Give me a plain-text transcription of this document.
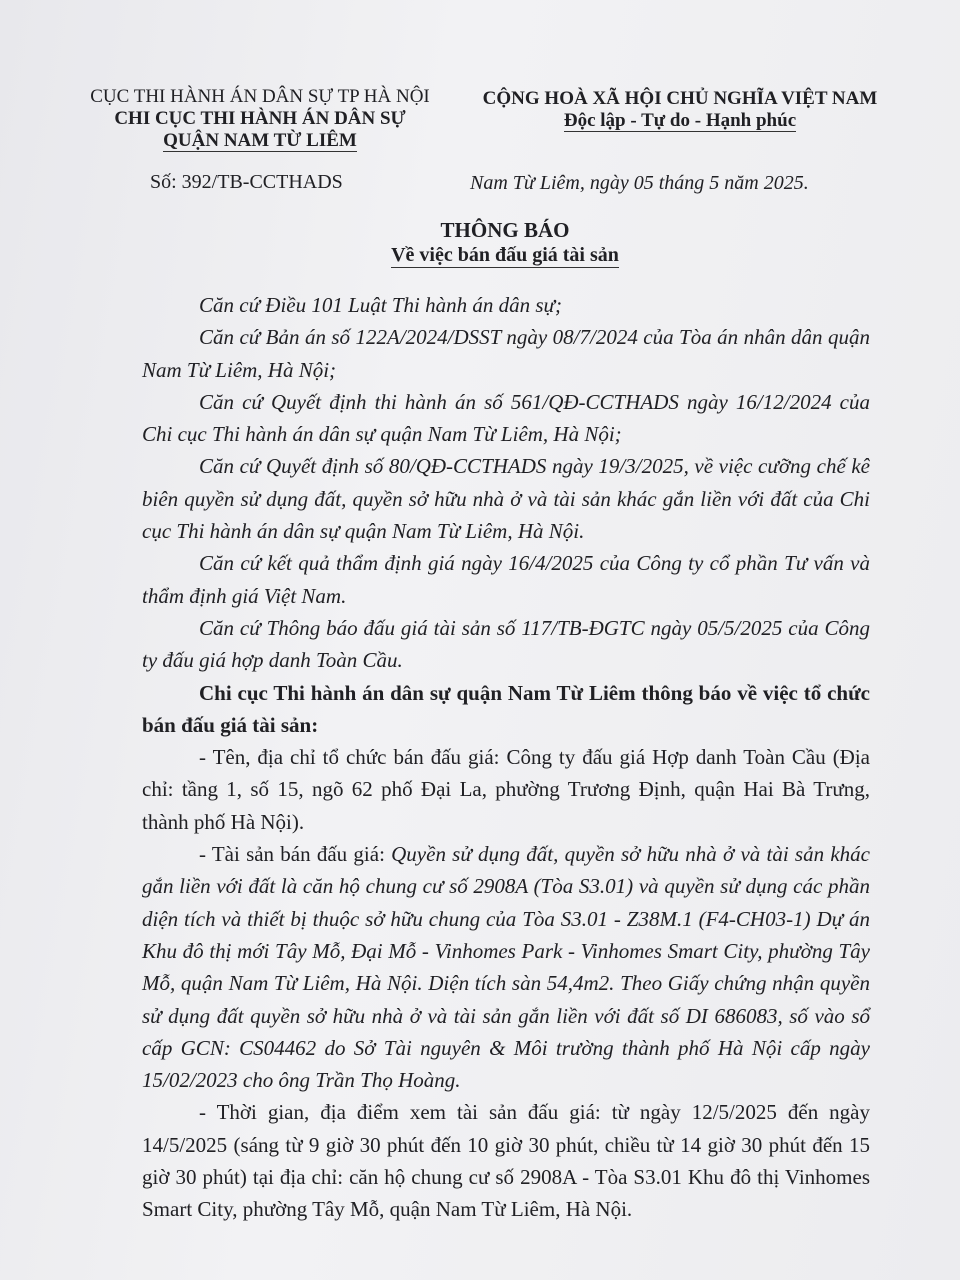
CỤC THI HÀNH ÁN DÂN SỰ TP HÀ NỘI
CHI CỤC THI HÀNH ÁN DÂN SỰ
QUẬN NAM TỪ LIÊM
CỘNG HOÀ XÃ HỘI CHỦ NGHĨA VIỆT NAM
Độc lập - Tự do - Hạnh phúc
Số: 392/TB-CCTHADS	Nam Từ Liêm, ngày 05 tháng 5 năm 2025.
THÔNG BÁO
Về việc bán đấu giá tài sản

Căn cứ Điều 101 Luật Thi hành án dân sự;

Căn cứ Bản án số 122A/2024/DSST ngày 08/7/2024 của Tòa án nhân dân quận Nam Từ Liêm, Hà Nội;

Căn cứ Quyết định thi hành án số 561/QĐ-CCTHADS ngày 16/12/2024 của Chi cục Thi hành án dân sự quận Nam Từ Liêm, Hà Nội;

Căn cứ Quyết định số 80/QĐ-CCTHADS ngày 19/3/2025, về việc cưỡng chế kê biên quyền sử dụng đất, quyền sở hữu nhà ở và tài sản khác gắn liền với đất của Chi cục Thi hành án dân sự quận Nam Từ Liêm, Hà Nội.

Căn cứ kết quả thẩm định giá ngày 16/4/2025 của Công ty cổ phần Tư vấn và thẩm định giá Việt Nam.

Căn cứ Thông báo đấu giá tài sản số 117/TB-ĐGTC ngày 05/5/2025 của Công ty đấu giá hợp danh Toàn Cầu.

Chi cục Thi hành án dân sự quận Nam Từ Liêm thông báo về việc tổ chức bán đấu giá tài sản:

- Tên, địa chỉ tổ chức bán đấu giá: Công ty đấu giá Hợp danh Toàn Cầu (Địa chỉ: tầng 1, số 15, ngõ 62 phố Đại La, phường Trương Định, quận Hai Bà Trưng, thành phố Hà Nội).

- Tài sản bán đấu giá: Quyền sử dụng đất, quyền sở hữu nhà ở và tài sản khác gắn liền với đất là căn hộ chung cư số 2908A (Tòa S3.01) và quyền sử dụng các phần diện tích và thiết bị thuộc sở hữu chung của Tòa S3.01 - Z38M.1 (F4-CH03-1) Dự án Khu đô thị mới Tây Mỗ, Đại Mỗ - Vinhomes Park - Vinhomes Smart City, phường Tây Mỗ, quận Nam Từ Liêm, Hà Nội. Diện tích sàn 54,4m2. Theo Giấy chứng nhận quyền sử dụng đất quyền sở hữu nhà ở và tài sản gắn liền với đất số DI 686083, số vào sổ cấp GCN: CS04462 do Sở Tài nguyên & Môi trường thành phố Hà Nội cấp ngày 15/02/2023 cho ông Trần Thọ Hoàng.

- Thời gian, địa điểm xem tài sản đấu giá: từ ngày 12/5/2025 đến ngày 14/5/2025 (sáng từ 9 giờ 30 phút đến 10 giờ 30 phút, chiều từ 14 giờ 30 phút đến 15 giờ 30 phút) tại địa chỉ: căn hộ chung cư số 2908A - Tòa S3.01 Khu đô thị Vinhomes Smart City, phường Tây Mỗ, quận Nam Từ Liêm, Hà Nội.
